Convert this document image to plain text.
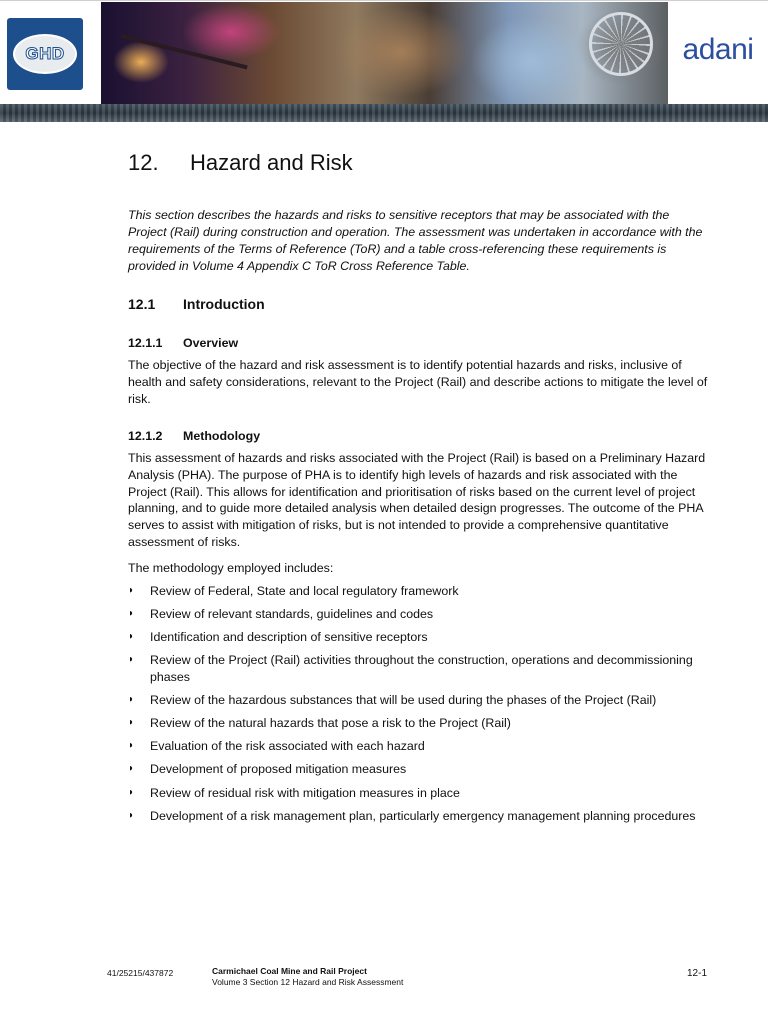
GHD	adani
12. Hazard and Risk

This section describes the hazards and risks to sensitive receptors that may be associated with the Project (Rail) during construction and operation. The assessment was undertaken in accordance with the requirements of the Terms of Reference (ToR) and a table cross-referencing these requirements is provided in Volume 4 Appendix C ToR Cross Reference Table.

12.1 Introduction
12.1.1 Overview

The objective of the hazard and risk assessment is to identify potential hazards and risks, inclusive of health and safety considerations, relevant to the Project (Rail) and describe actions to mitigate the level of risk.

12.1.2 Methodology

This assessment of hazards and risks associated with the Project (Rail) is based on a Preliminary Hazard Analysis (PHA). The purpose of PHA is to identify high levels of hazards and risk associated with the Project (Rail). This allows for identification and prioritisation of risks based on the current level of project planning, and to guide more detailed analysis when detailed design progresses. The outcome of the PHA serves to assist with mitigation of risks, but is not intended to provide a comprehensive quantitative assessment of risks.

The methodology employed includes:

◗ Review of Federal, State and local regulatory framework
◗ Review of relevant standards, guidelines and codes
◗ Identification and description of sensitive receptors
◗ Review of the Project (Rail) activities throughout the construction, operations and decommissioning phases
◗ Review of the hazardous substances that will be used during the phases of the Project (Rail)
◗ Review of the natural hazards that pose a risk to the Project (Rail)
◗ Evaluation of the risk associated with each hazard
◗ Development of proposed mitigation measures
◗ Review of residual risk with mitigation measures in place
◗ Development of a risk management plan, particularly emergency management planning procedures
41/25215/437872	Carmichael Coal Mine and Rail Project
Volume 3 Section 12 Hazard and Risk Assessment
12-1
